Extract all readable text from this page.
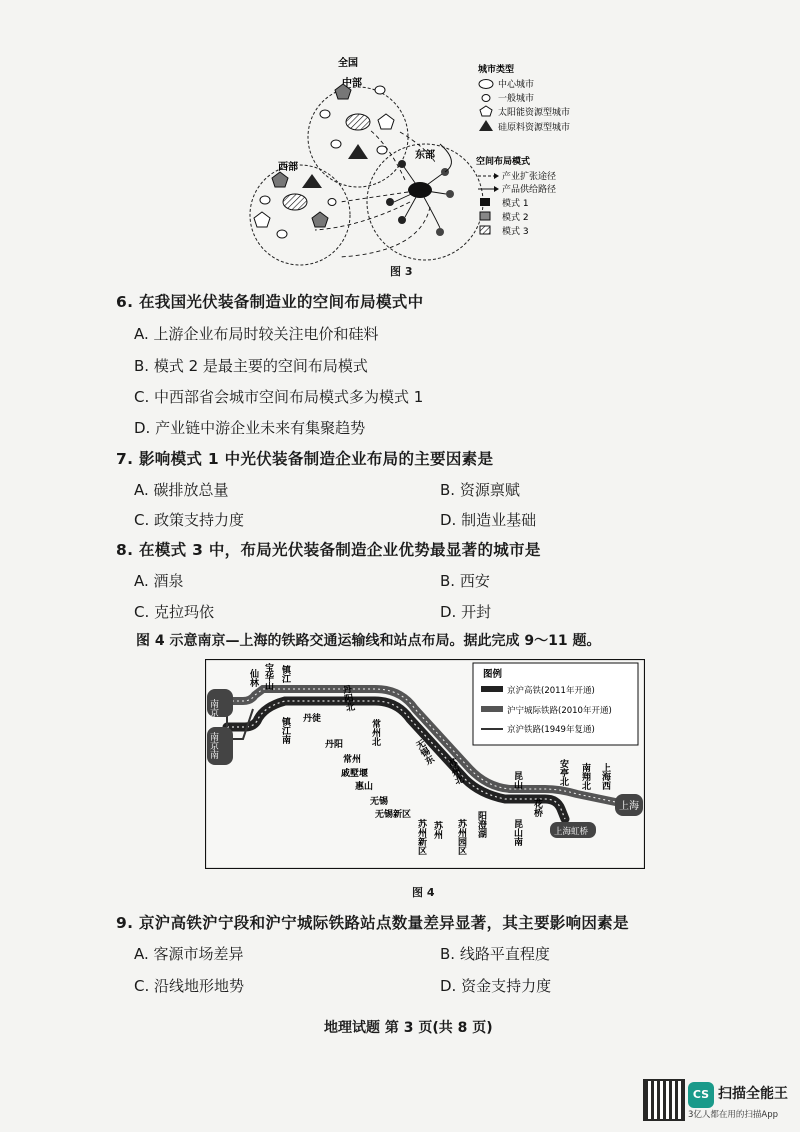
全国
中部
西部
东部
城市类型
中心城市
一般城市
太阳能资源型城市
硅原料资源型城市
空间布局模式
产业扩张途径
产品供给路径
模式 1
模式 2
模式 3
图 3
6. 在我国光伏装备制造业的空间布局模式中
A. 上游企业布局时较关注电价和硅料
B. 模式 2 是最主要的空间布局模式
C. 中西部省会城市空间布局模式多为模式 1
D. 产业链中游企业未来有集聚趋势
7. 影响模式 1 中光伏装备制造企业布局的主要因素是
A. 碳排放总量	B. 资源禀赋
C. 政策支持力度	D. 制造业基础
8. 在模式 3 中，布局光伏装备制造企业优势最显著的城市是
A. 酒泉	B. 西安
C. 克拉玛依	D. 开封
图 4 示意南京—上海的铁路交通运输线和站点布局。据此完成 9～11 题。
南京
南京南
上海
上海虹桥
仙林 宝华山 镇江
镇江南 丹徒
丹阳北
丹阳	常州北
常州
戚墅堰
惠山
无锡
无锡新区
无锡东
苏州北
苏州新区 苏州 苏州园区 阳澄湖
昆山
昆山南
花桥
安亭北 南翔北 上海西
图例
京沪高铁(2011年开通)
沪宁城际铁路(2010年开通)
京沪铁路(1949年复通)
图 4
9. 京沪高铁沪宁段和沪宁城际铁路站点数量差异显著，其主要影响因素是
A. 客源市场差异	B. 线路平直程度
C. 沿线地形地势	D. 资金支持力度
地理试题 第 3 页(共 8 页)
CS 扫描全能王
3亿人都在用的扫描App
